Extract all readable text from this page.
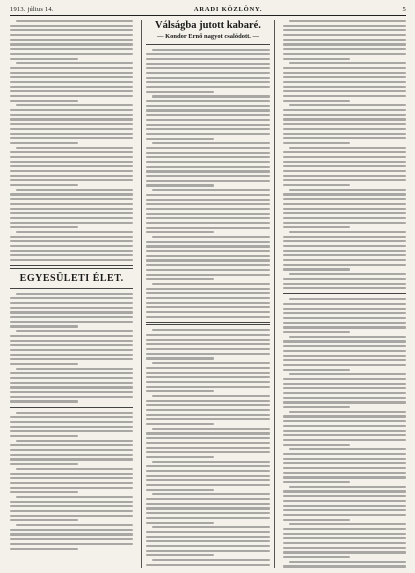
1913. július 14.	ARADI KÖZLÖNY.	5
EGYESÜLETI ÉLET.
Válságba jutott kabaré.
— Kondor Ernő nagyot csalódott. —
